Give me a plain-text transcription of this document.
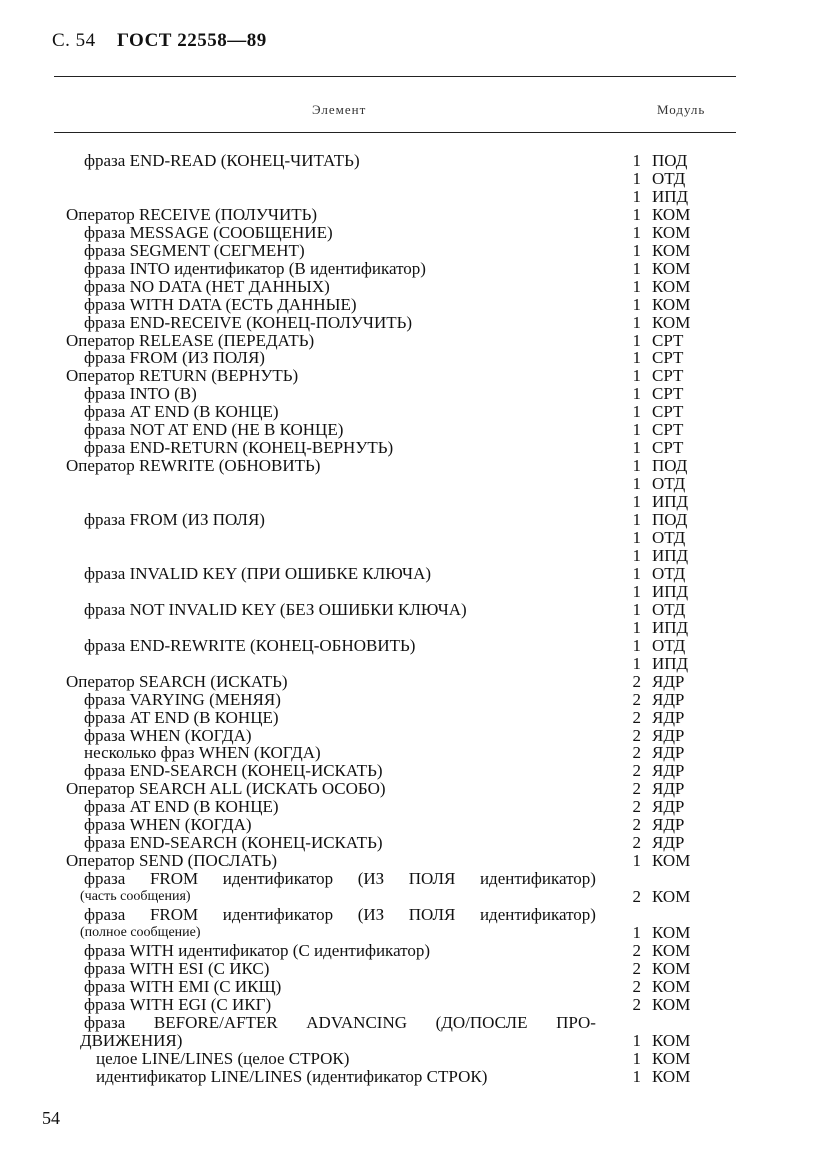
С. 54 ГОСТ 22558—89
Элемент	Модуль
фраза END-READ (КОНЕЦ-ЧИТАТЬ)	1 ПОД
1 ОТД
1 ИПД
Оператор RECEIVE (ПОЛУЧИТЬ)	1 КОМ
фраза MESSAGE (СООБЩЕНИЕ)	1 КОМ
фраза SEGMENT (СЕГМЕНТ)	1 КОМ
фраза INTO идентификатор (В идентификатор)	1 КОМ
фраза NO DATA (НЕТ ДАННЫХ)	1 КОМ
фраза WITH DATA (ЕСТЬ ДАННЫЕ)	1 КОМ
фраза END-RECEIVE (КОНЕЦ-ПОЛУЧИТЬ)	1 КОМ
Оператор RELEASE (ПЕРЕДАТЬ)	1 СРТ
фраза FROM (ИЗ ПОЛЯ)	1 СРТ
Оператор RETURN (ВЕРНУТЬ)	1 СРТ
фраза INTO (В)	1 СРТ
фраза AT END (В КОНЦЕ)	1 СРТ
фраза NOT AT END (НЕ В КОНЦЕ)	1 СРТ
фраза END-RETURN (КОНЕЦ-ВЕРНУТЬ)	1 СРТ
Оператор REWRITE (ОБНОВИТЬ)	1 ПОД
1 ОТД
1 ИПД
фраза FROM (ИЗ ПОЛЯ)	1 ПОД
1 ОТД
1 ИПД
фраза INVALID KEY (ПРИ ОШИБКЕ КЛЮЧА)	1 ОТД
1 ИПД
фраза NOT INVALID KEY (БЕЗ ОШИБКИ КЛЮЧА)	1 ОТД
1 ИПД
фраза END-REWRITE (КОНЕЦ-ОБНОВИТЬ)	1 ОТД
1 ИПД
Оператор SEARCH (ИСКАТЬ)	2 ЯДР
фраза VARYING (МЕНЯЯ)	2 ЯДР
фраза AT END (В КОНЦЕ)	2 ЯДР
фраза WHEN (КОГДА)	2 ЯДР
несколько фраз WHEN (КОГДА)	2 ЯДР
фраза END-SEARCH (КОНЕЦ-ИСКАТЬ)	2 ЯДР
Оператор SEARCH ALL (ИСКАТЬ ОСОБО)	2 ЯДР
фраза AT END (В КОНЦЕ)	2 ЯДР
фраза WHEN (КОГДА)	2 ЯДР
фраза END-SEARCH (КОНЕЦ-ИСКАТЬ)	2 ЯДР
Оператор SEND (ПОСЛАТЬ)	1 КОМ
фраза FROM идентификатор (ИЗ ПОЛЯ идентификатор)
(часть сообщения)	2 КОМ
фраза FROM идентификатор (ИЗ ПОЛЯ идентификатор)
(полное сообщение)	1 КОМ
фраза WITH идентификатор (С идентификатор)	2 КОМ
фраза WITH ESI (С ИКС)	2 КОМ
фраза WITH EMI (С ИКЩ)	2 КОМ
фраза WITH EGI (С ИКГ)	2 КОМ
фраза BEFORE/AFTER ADVANCING (ДО/ПОСЛЕ ПРО-
ДВИЖЕНИЯ)	1 КОМ
целое LINE/LINES (целое СТРОК)	1 КОМ
идентификатор LINE/LINES (идентификатор СТРОК)	1 КОМ
54
